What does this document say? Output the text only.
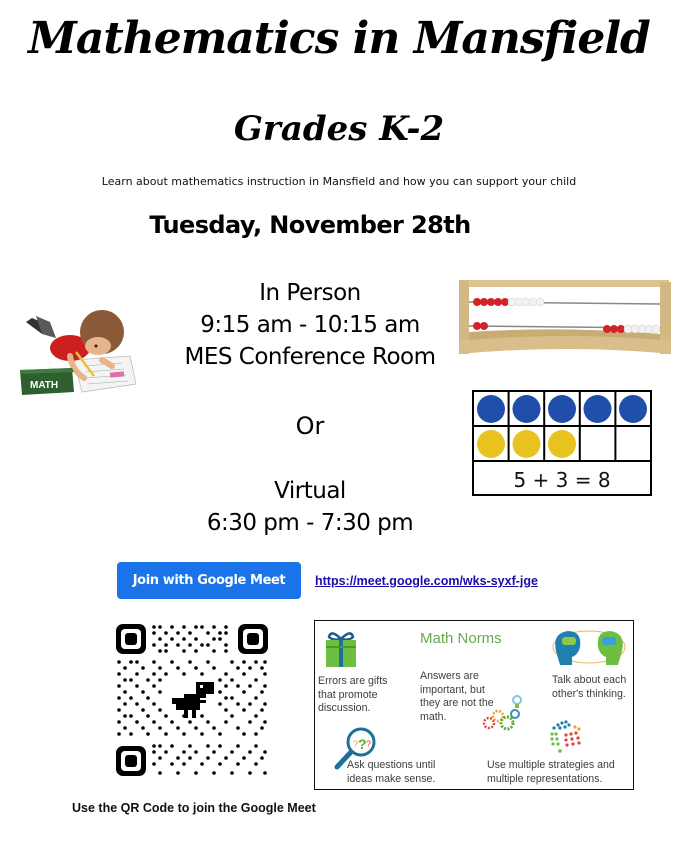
Mathematics in Mansfield
Grades K-2
Learn about mathematics instruction in Mansfield and how you can support your child
Tuesday, November 28th
In Person
9:15 am - 10:15 am
MES Conference Room
Or
Virtual
6:30 pm - 7:30 pm
Join with Google Meet	https://meet.google.com/wks-syxf-jge
MATH
5 + 3 = 8
Use the QR Code to join the Google Meet
Math Norms
Errors are gifts
that promote
discussion.
Answers are
important, but
they are not the
math.
Talk about each
other's thinking.
? ? ?
Ask questions until
ideas make sense.
Use multiple strategies and
multiple representations.
